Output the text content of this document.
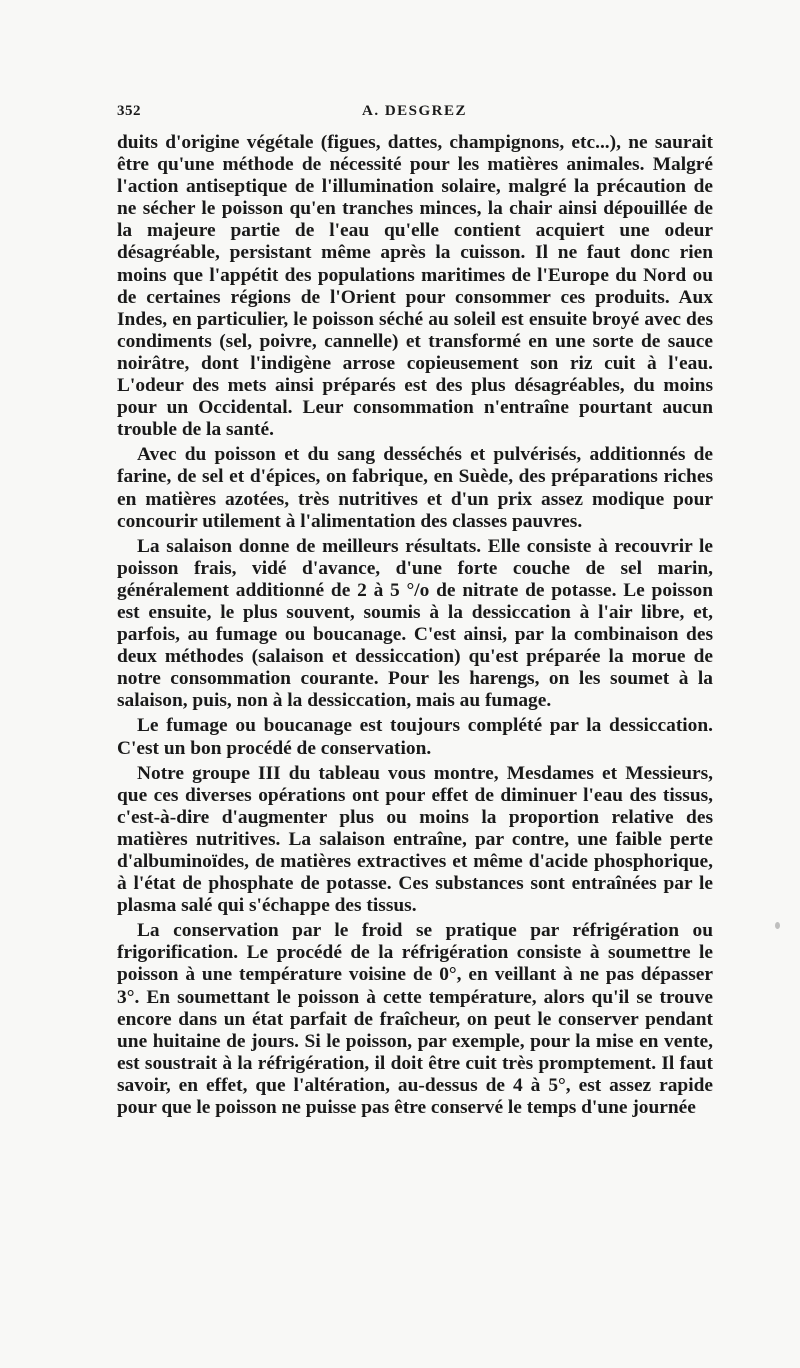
352	A. DESGREZ

duits d'origine végétale (figues, dattes, champignons, etc...), ne saurait être qu'une méthode de nécessité pour les matières animales. Malgré l'action antiseptique de l'illumination solaire, malgré la précaution de ne sécher le poisson qu'en tranches minces, la chair ainsi dépouillée de la majeure partie de l'eau qu'elle contient acquiert une odeur désagréable, persistant même après la cuisson. Il ne faut donc rien moins que l'appétit des populations maritimes de l'Europe du Nord ou de certaines régions de l'Orient pour consommer ces produits. Aux Indes, en particulier, le poisson séché au soleil est ensuite broyé avec des condiments (sel, poivre, cannelle) et transformé en une sorte de sauce noirâtre, dont l'indigène arrose copieusement son riz cuit à l'eau. L'odeur des mets ainsi préparés est des plus désagréables, du moins pour un Occidental. Leur consommation n'entraîne pourtant aucun trouble de la santé.

Avec du poisson et du sang desséchés et pulvérisés, additionnés de farine, de sel et d'épices, on fabrique, en Suède, des préparations riches en matières azotées, très nutritives et d'un prix assez modique pour concourir utilement à l'alimentation des classes pauvres.

La salaison donne de meilleurs résultats. Elle consiste à recouvrir le poisson frais, vidé d'avance, d'une forte couche de sel marin, généralement additionné de 2 à 5 °/o de nitrate de potasse. Le poisson est ensuite, le plus souvent, soumis à la dessiccation à l'air libre, et, parfois, au fumage ou boucanage. C'est ainsi, par la combinaison des deux méthodes (salaison et dessiccation) qu'est préparée la morue de notre consommation courante. Pour les harengs, on les soumet à la salaison, puis, non à la dessiccation, mais au fumage.

Le fumage ou boucanage est toujours complété par la dessiccation. C'est un bon procédé de conservation.

Notre groupe III du tableau vous montre, Mesdames et Messieurs, que ces diverses opérations ont pour effet de diminuer l'eau des tissus, c'est-à-dire d'augmenter plus ou moins la proportion relative des matières nutritives. La salaison entraîne, par contre, une faible perte d'albuminoïdes, de matières extractives et même d'acide phosphorique, à l'état de phosphate de potasse. Ces substances sont entraînées par le plasma salé qui s'échappe des tissus.

La conservation par le froid se pratique par réfrigération ou frigorification. Le procédé de la réfrigération consiste à soumettre le poisson à une température voisine de 0°, en veillant à ne pas dépasser 3°. En soumettant le poisson à cette température, alors qu'il se trouve encore dans un état parfait de fraîcheur, on peut le conserver pendant une huitaine de jours. Si le poisson, par exemple, pour la mise en vente, est soustrait à la réfrigération, il doit être cuit très promptement. Il faut savoir, en effet, que l'altération, au-dessus de 4 à 5°, est assez rapide pour que le poisson ne puisse pas être conservé le temps d'une journée
